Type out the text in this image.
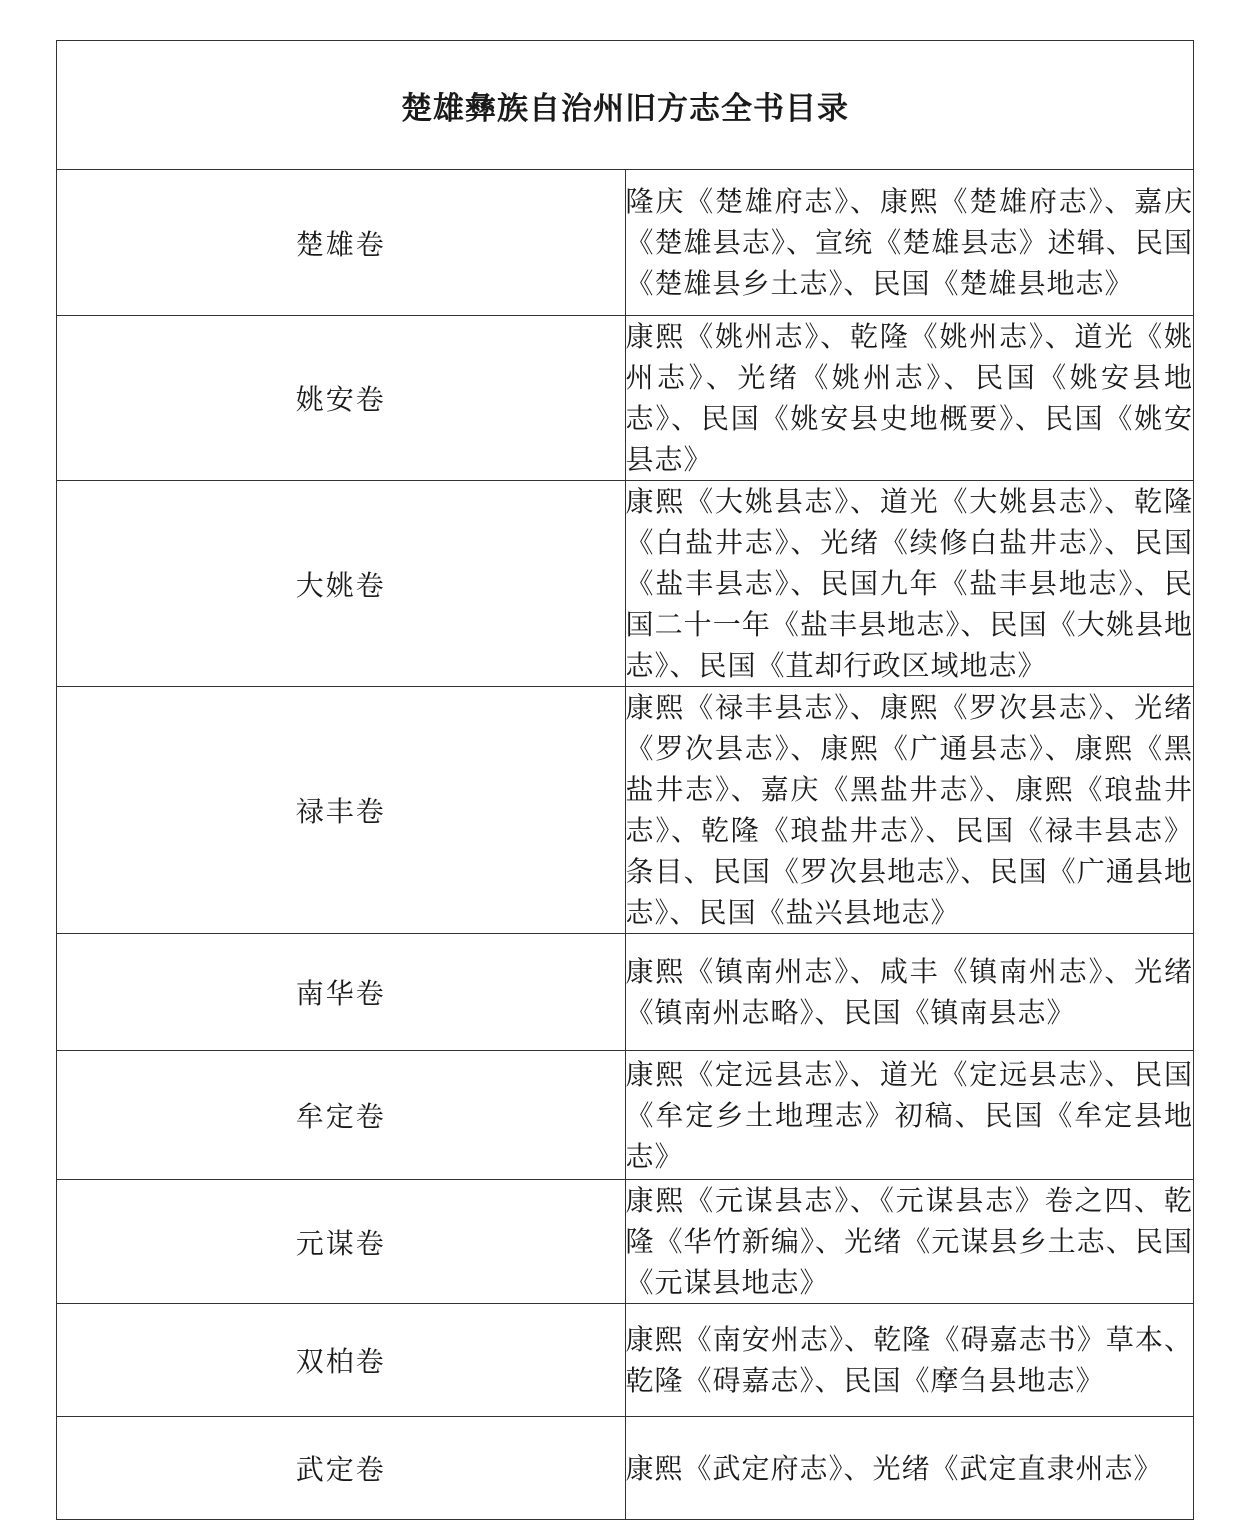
楚雄彝族自治州旧方志全书目录	
楚雄卷	隆庆《楚雄府志》、康熙《楚雄府志》、嘉庆《楚雄县志》、宣统《楚雄县志》述辑、民国《楚雄县乡土志》、民国《楚雄县地志》
姚安卷	康熙《姚州志》、乾隆《姚州志》、道光《姚州志》、光绪《姚州志》、民国《姚安县地志》、民国《姚安县史地概要》、民国《姚安县志》
大姚卷	康熙《大姚县志》、道光《大姚县志》、乾隆《白盐井志》、光绪《续修白盐井志》、民国《盐丰县志》、民国九年《盐丰县地志》、民国二十一年《盐丰县地志》、民国《大姚县地志》、民国《苴却行政区域地志》
禄丰卷	康熙《禄丰县志》、康熙《罗次县志》、光绪《罗次县志》、康熙《广通县志》、康熙《黑盐井志》、嘉庆《黑盐井志》、康熙《琅盐井志》、乾隆《琅盐井志》、民国《禄丰县志》条目、民国《罗次县地志》、民国《广通县地志》、民国《盐兴县地志》
南华卷	康熙《镇南州志》、咸丰《镇南州志》、光绪《镇南州志略》、民国《镇南县志》
牟定卷	康熙《定远县志》、道光《定远县志》、民国《牟定乡土地理志》初稿、民国《牟定县地志》
元谋卷	康熙《元谋县志》、《元谋县志》卷之四、乾隆《华竹新编》、光绪《元谋县乡土志、民国《元谋县地志》
双柏卷	康熙《南安州志》、乾隆《碍嘉志书》草本、乾隆《碍嘉志》、民国《摩刍县地志》
武定卷	康熙《武定府志》、光绪《武定直隶州志》
